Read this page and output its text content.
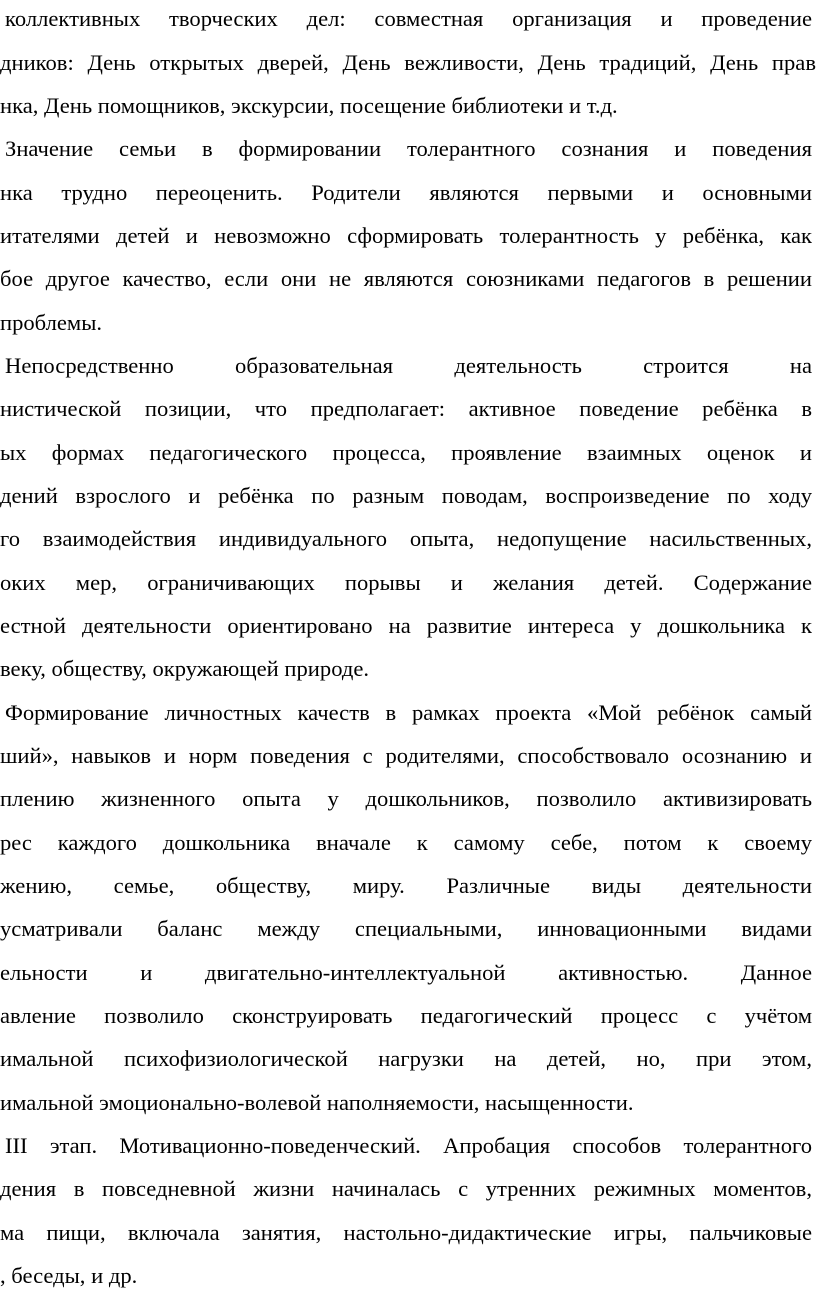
коллективных творческих дел: совместная организация и проведение
дников: День открытых дверей, День вежливости, День традиций, День прав
нка, День помощников, экскурсии, посещение библиотеки и т.д.
Значение семьи в формировании толерантного сознания и поведения
нка трудно переоценить. Родители являются первыми и основными
итателями детей и невозможно сформировать толерантность у ребёнка, как
бое другое качество, если они не являются союзниками педагогов в решении
проблемы.
Непосредственно образовательная деятельность строится на
нистической позиции, что предполагает: активное поведение ребёнка в
ых формах педагогического процесса, проявление взаимных оценок и
дений взрослого и ребёнка по разным поводам, воспроизведение по ходу
го взаимодействия индивидуального опыта, недопущение насильственных,
оких мер, ограничивающих порывы и желания детей. Содержание
естной деятельности ориентировано на развитие интереса у дошкольника к
веку, обществу, окружающей природе.
Формирование личностных качеств в рамках проекта «Мой ребёнок самый
ший», навыков и норм поведения с родителями, способствовало осознанию и
плению жизненного опыта у дошкольников, позволило активизировать
рес каждого дошкольника вначале к самому себе, потом к своему
жению, семье, обществу, миру. Различные виды деятельности
усматривали баланс между специальными, инновационными видами
ельности и двигательно-интеллектуальной активностью. Данное
авление позволило сконструировать педагогический процесс с учётом
имальной психофизиологической нагрузки на детей, но, при этом,
имальной эмоционально-волевой наполняемости, насыщенности.
III этап. Мотивационно-поведенческий. Апробация способов толерантного
дения в повседневной жизни начиналась с утренних режимных моментов,
ма пищи, включала занятия, настольно-дидактические игры, пальчиковые
, беседы, и др.
